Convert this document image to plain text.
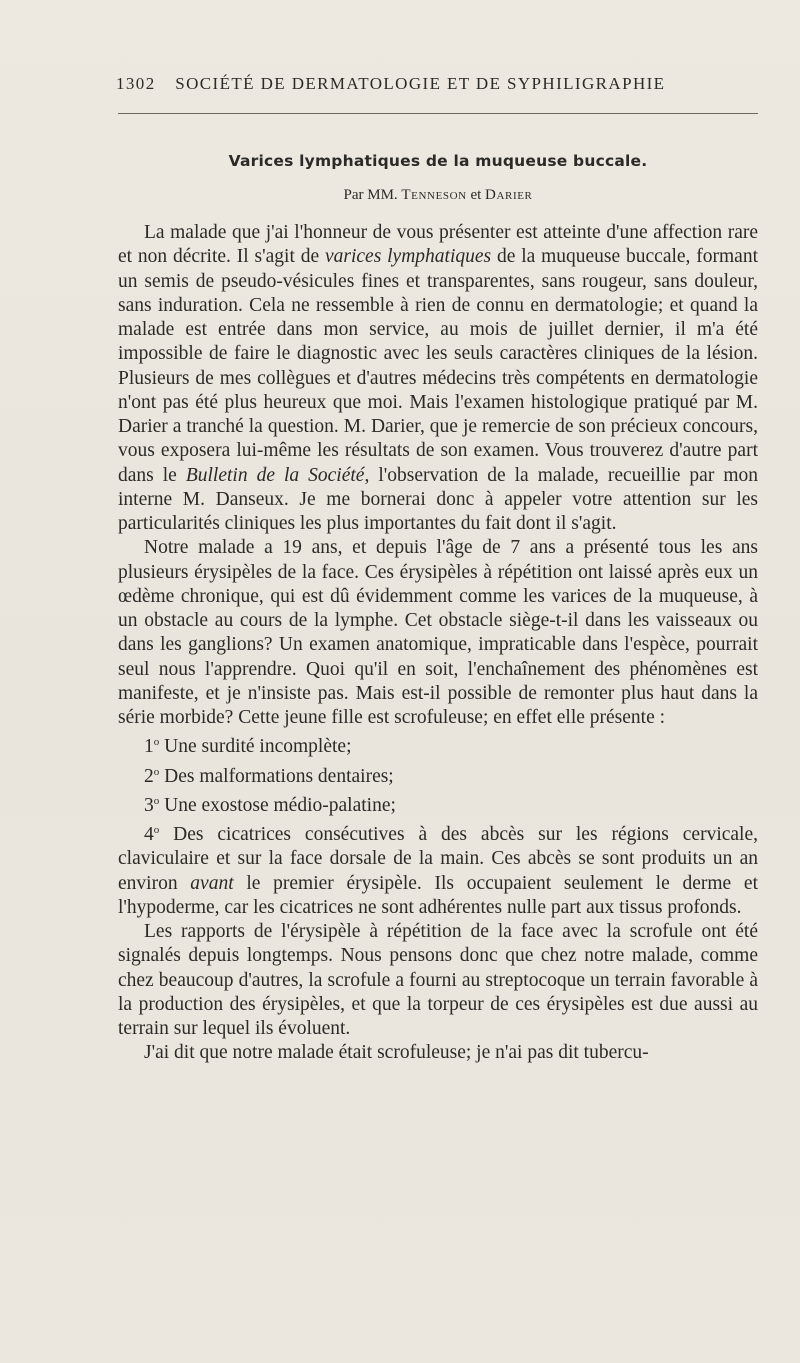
1302 SOCIÉTÉ DE DERMATOLOGIE ET DE SYPHILIGRAPHIE
Varices lymphatiques de la muqueuse buccale.

Par MM. Tenneson et Darier

La malade que j'ai l'honneur de vous présenter est atteinte d'une affection rare et non décrite. Il s'agit de varices lymphatiques de la muqueuse buccale, formant un semis de pseudo-vésicules fines et transparentes, sans rougeur, sans douleur, sans induration. Cela ne ressemble à rien de connu en dermatologie; et quand la malade est entrée dans mon service, au mois de juillet dernier, il m'a été impossible de faire le diagnostic avec les seuls caractères cliniques de la lésion. Plusieurs de mes collègues et d'autres médecins très compétents en dermatologie n'ont pas été plus heureux que moi. Mais l'examen histologique pratiqué par M. Darier a tranché la question. M. Darier, que je remercie de son précieux concours, vous exposera lui-même les résultats de son examen. Vous trouverez d'autre part dans le Bulletin de la Société, l'observation de la malade, recueillie par mon interne M. Danseux. Je me bornerai donc à appeler votre attention sur les particularités cliniques les plus importantes du fait dont il s'agit.

Notre malade a 19 ans, et depuis l'âge de 7 ans a présenté tous les ans plusieurs érysipèles de la face. Ces érysipèles à répétition ont laissé après eux un œdème chronique, qui est dû évidemment comme les varices de la muqueuse, à un obstacle au cours de la lymphe. Cet obstacle siège-t-il dans les vaisseaux ou dans les ganglions? Un examen anatomique, impraticable dans l'espèce, pourrait seul nous l'apprendre. Quoi qu'il en soit, l'enchaînement des phénomènes est manifeste, et je n'insiste pas. Mais est-il possible de remonter plus haut dans la série morbide? Cette jeune fille est scrofuleuse; en effet elle présente :

1$^o$ Une surdité incomplète;

2$^o$ Des malformations dentaires;

3$^o$ Une exostose médio-palatine;

4$^o$ Des cicatrices consécutives à des abcès sur les régions cervicale, claviculaire et sur la face dorsale de la main. Ces abcès se sont produits un an environ avant le premier érysipèle. Ils occupaient seulement le derme et l'hypoderme, car les cicatrices ne sont adhérentes nulle part aux tissus profonds.

Les rapports de l'érysipèle à répétition de la face avec la scrofule ont été signalés depuis longtemps. Nous pensons donc que chez notre malade, comme chez beaucoup d'autres, la scrofule a fourni au streptocoque un terrain favorable à la production des érysipèles, et que la torpeur de ces érysipèles est due aussi au terrain sur lequel ils évoluent.

J'ai dit que notre malade était scrofuleuse; je n'ai pas dit tubercu-
